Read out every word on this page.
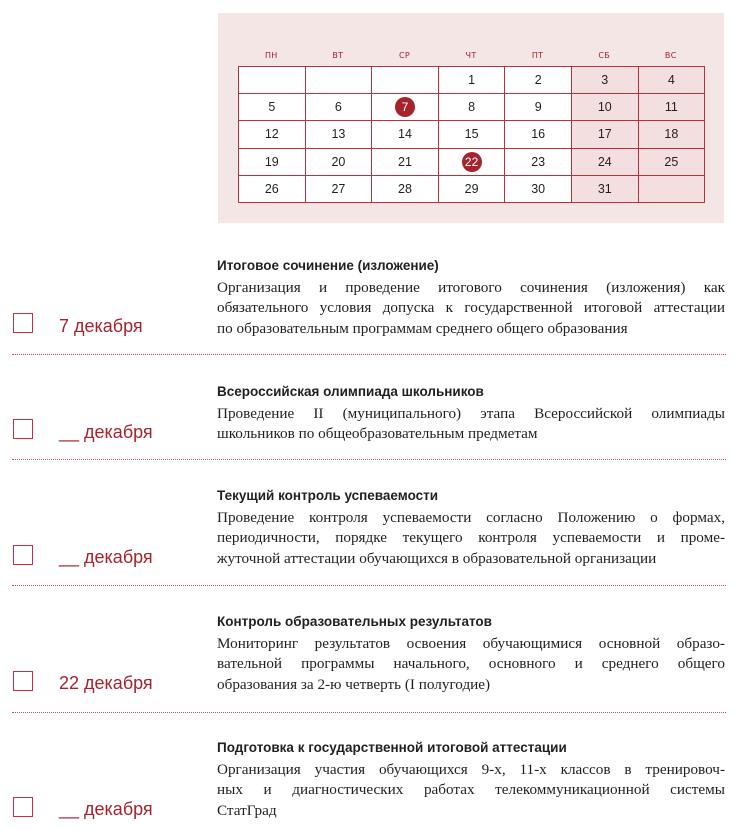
ПН	ВТ	СР	ЧТ	ПТ	СБ	ВС
			1	2	3	4
5	6	7	8	9	10	11
12	13	14	15	16	17	18
19	20	21	22	23	24	25
26	27	28	29	30	31	
Итоговое сочинение (изложение)
Организация и проведение итогового сочинения (изложения) как
обязательного условия допуска к государственной итоговой аттестации
по образовательным программам среднего общего образования
7 декабря
Всероссийская олимпиада школьников
Проведение II (муниципального) этапа Всероссийской олимпиады
школьников по общеобразовательным предметам
__ декабря
Текущий контроль успеваемости
Проведение контроля успеваемости согласно Положению о формах,
периодичности, порядке текущего контроля успеваемости и проме-
жуточной аттестации обучающихся в образовательной организации
__ декабря
Контроль образовательных результатов
Мониторинг результатов освоения обучающимися основной образо-
вательной программы начального, основного и среднего общего
образования за 2-ю четверть (I полугодие)
22 декабря
Подготовка к государственной итоговой аттестации
Организация участия обучающихся 9-х, 11-х классов в тренировоч-
ных и диагностических работах телекоммуникационной системы
СтатГрад
__ декабря
